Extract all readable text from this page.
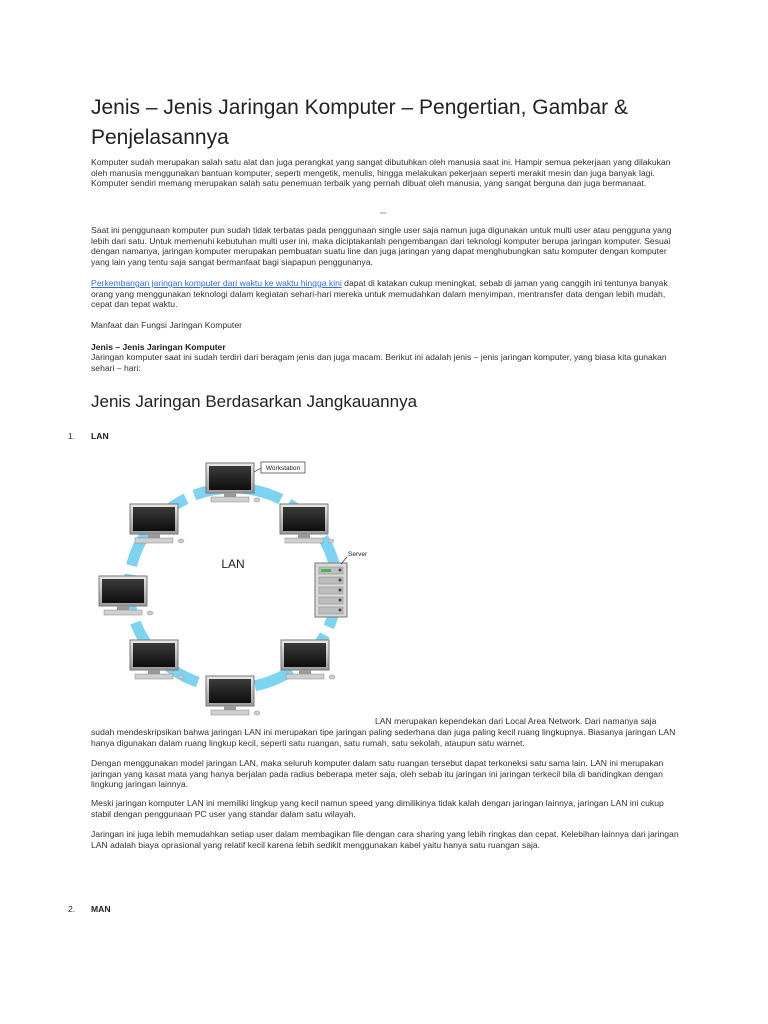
Jenis – Jenis Jaringan Komputer – Pengertian, Gambar & Penjelasannya

Komputer sudah merupakan salah satu alat dan juga perangkat yang sangat dibutuhkan oleh manusia saat ini. Hampir semua pekerjaan yang dilakukan oleh manusia menggunakan bantuan komputer, seperti mengetik, menulis, hingga melakukan pekerjaan seperti merakit mesin dan juga banyak lagi. Komputer sendiri memang merupakan salah satu penemuan terbaik yang pernah dibuat oleh manusia, yang sangat berguna dan juga bermanaat.

ads

Saat ini penggunaan komputer pun sudah tidak terbatas pada penggunaan single user saja namun juga digunakan untuk multi user atau pengguna yang lebih dari satu. Untuk memenuhi kebutuhan multi user ini, maka diciptakanlah pengembangan dari teknologi komputer berupa jaringan komputer. Sesuai dengan namanya, jaringan komputer merupakan pembuatan suatu line dan juga jaringan yang dapat menghubungkan satu komputer dengan komputer yang lain yang tentu saja sangat bermanfaat bagi siapapun penggunanya.

Perkembangan jaringan komputer dari waktu ke waktu hingga kini dapat di katakan cukup meningkat, sebab di jaman yang canggih ini tentunya banyak orang yang menggunakan teknologi dalam kegiatan sehari-hari mereka untuk memudahkan dalam menyimpan, mentransfer data dengan lebih mudah, cepat dan tepat waktu.

Manfaat dan Fungsi Jaringan Komputer

Jenis – Jenis Jaringan Komputer

Jaringan komputer saat ini sudah terdiri dari beragam jenis dan juga macam. Berikut ini adalah jenis – jenis jaringan komputer, yang biasa kita gunakan sehari – hari:

Jenis Jaringan Berdasarkan Jangkauannya
1. LAN
LAN
Workstation
Server

LAN merupakan kependekan dari Local Area Network. Dari namanya saja

sudah mendeskripsikan bahwa jaringan LAN ini merupakan tipe jaringan paling sederhana dan juga paling kecil ruang lingkupnya. Biasanya jaringan LAN hanya digunakan dalam ruang lingkup kecil, seperti satu ruangan, satu rumah, satu sekolah, ataupun satu warnet.

Dengan menggunakan model jaringan LAN, maka seluruh komputer dalam satu ruangan tersebut dapat terkoneksi satu sama lain. LAN ini merupakan jaringan yang kasat mata yang hanya berjalan pada radius beberapa meter saja, oleh sebab itu jaringan ini jaringan terkecil bila di bandingkan dengan lingkung jaringan lainnya.

Meski jaringan komputer LAN ini memiliki lingkup yang kecil namun speed yang dimilikinya tidak kalah dengan jaringan lainnya, jaringan LAN ini cukup stabil dengan penggunaan PC user yang standar dalam satu wilayah.

Jaringan ini juga lebih memudahkan setiap user dalam membagikan file dengan cara sharing yang lebih ringkas dan cepat. Kelebihan lainnya dari jaringan LAN adalah biaya oprasional yang relatif kecil karena lebih sedikit menggunakan kabel yaitu hanya satu ruangan saja.

2. MAN
